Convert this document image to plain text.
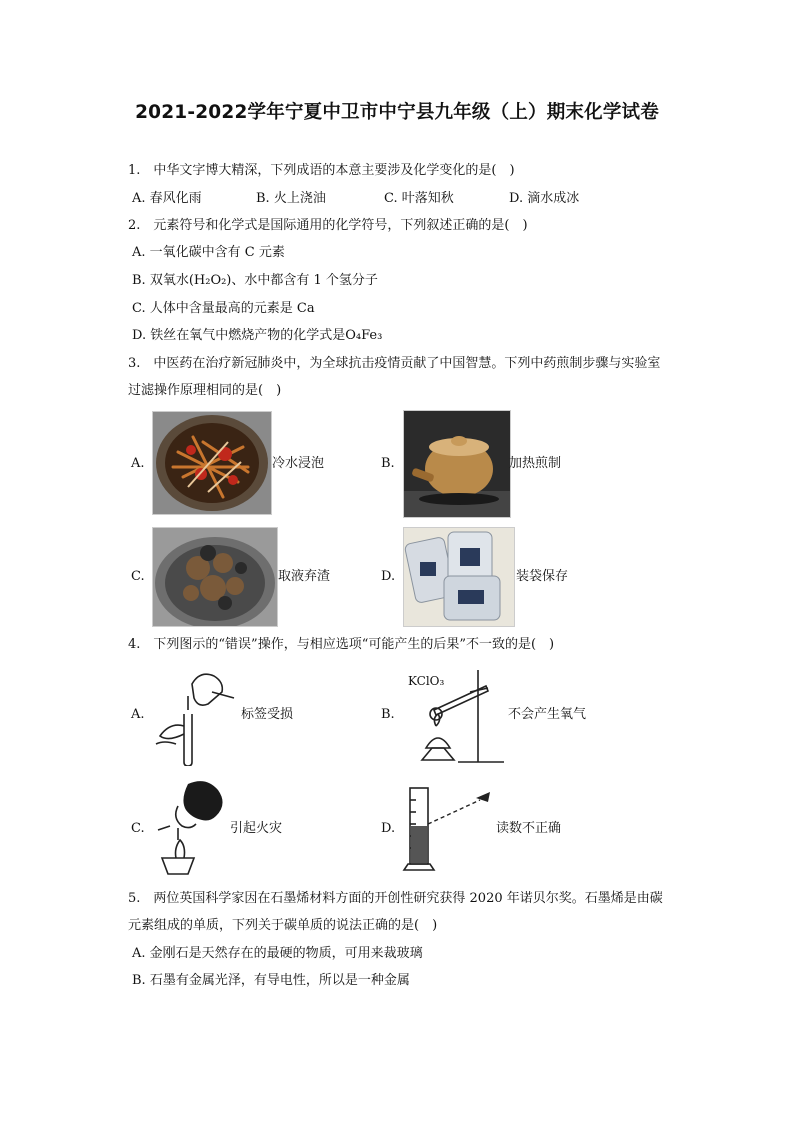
2021-2022学年宁夏中卫市中宁县九年级（上）期末化学试卷
1.　中华文字博大精深，下列成语的本意主要涉及化学变化的是(　)
A. 春风化雨	B. 火上浇油	C. 叶落知秋	D. 滴水成冰
2.　元素符号和化学式是国际通用的化学符号，下列叙述正确的是(　)
A. 一氧化碳中含有 C 元素
B. 双氧水(H₂O₂)、水中都含有 1 个氢分子
C. 人体中含量最高的元素是 Ca
D. 铁丝在氧气中燃烧产物的化学式是O₄Fe₃
3.　中医药在治疗新冠肺炎中，为全球抗击疫情贡献了中国智慧。下列中药煎制步骤与实验室
过滤操作原理相同的是(　)
A.	冷水浸泡	B.	加热煎制
C.	取液弃渣	D.	装袋保存
4.　下列图示的“错误”操作，与相应选项“可能产生的后果”不一致的是(　)
A.	标签受损	B.
KClO₃
不会产生氧气
C.	引起火灾	D.	读数不正确
5.　两位英国科学家因在石墨烯材料方面的开创性研究获得 2020 年诺贝尔奖。石墨烯是由碳
元素组成的单质，下列关于碳单质的说法正确的是(　)
A. 金刚石是天然存在的最硬的物质，可用来裁玻璃
B. 石墨有金属光泽，有导电性，所以是一种金属
